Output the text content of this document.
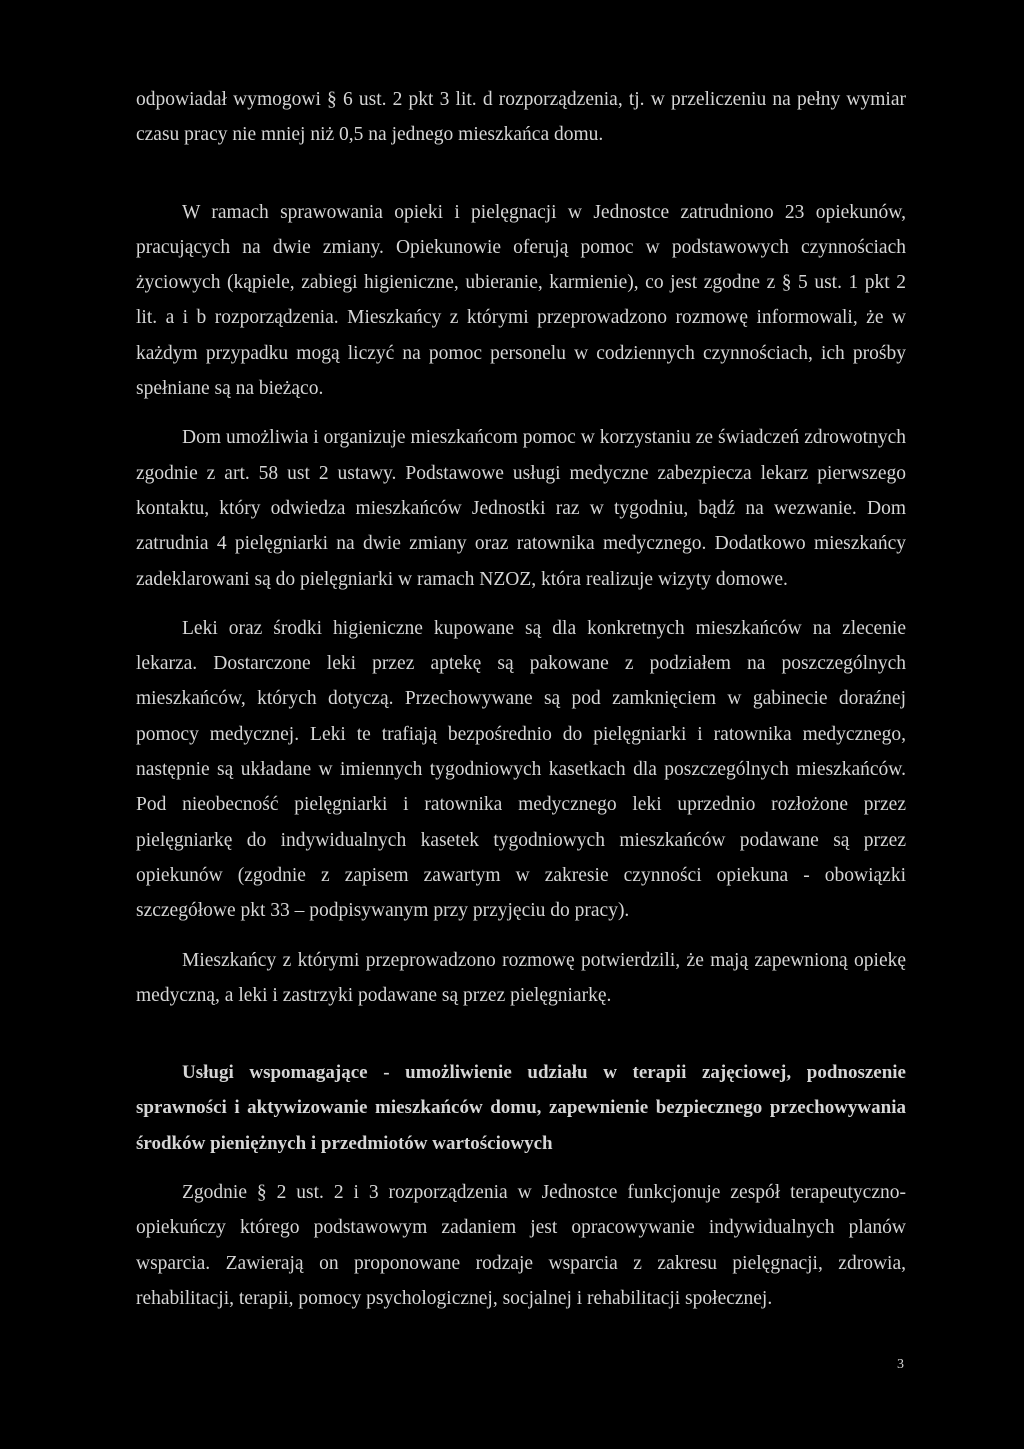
odpowiadał wymogowi § 6 ust. 2 pkt 3 lit. d rozporządzenia, tj. w przeliczeniu na pełny wymiar czasu pracy nie mniej niż 0,5 na jednego mieszkańca domu.

W ramach sprawowania opieki i pielęgnacji w Jednostce zatrudniono 23 opiekunów, pracujących na dwie zmiany. Opiekunowie oferują pomoc w podstawowych czynnościach życiowych (kąpiele, zabiegi higieniczne, ubieranie, karmienie), co jest zgodne z § 5 ust. 1 pkt 2 lit. a i b rozporządzenia. Mieszkańcy z którymi przeprowadzono rozmowę informowali, że w każdym przypadku mogą liczyć na pomoc personelu w codziennych czynnościach, ich prośby spełniane są na bieżąco.

Dom umożliwia i organizuje mieszkańcom pomoc w korzystaniu ze świadczeń zdrowotnych zgodnie z art. 58 ust 2 ustawy. Podstawowe usługi medyczne zabezpiecza lekarz pierwszego kontaktu, który odwiedza mieszkańców Jednostki raz w tygodniu, bądź na wezwanie. Dom zatrudnia 4 pielęgniarki na dwie zmiany oraz ratownika medycznego. Dodatkowo mieszkańcy zadeklarowani są do pielęgniarki w ramach NZOZ, która realizuje wizyty domowe.

Leki oraz środki higieniczne kupowane są dla konkretnych mieszkańców na zlecenie lekarza. Dostarczone leki przez aptekę są pakowane z podziałem na poszczególnych mieszkańców, których dotyczą. Przechowywane są pod zamknięciem w gabinecie doraźnej pomocy medycznej. Leki te trafiają bezpośrednio do pielęgniarki i ratownika medycznego, następnie są układane w imiennych tygodniowych kasetkach dla poszczególnych mieszkańców. Pod nieobecność pielęgniarki i ratownika medycznego leki uprzednio rozłożone przez pielęgniarkę do indywidualnych kasetek tygodniowych mieszkańców podawane są przez opiekunów (zgodnie z zapisem zawartym w zakresie czynności opiekuna - obowiązki szczegółowe pkt 33 – podpisywanym przy przyjęciu do pracy).

Mieszkańcy z którymi przeprowadzono rozmowę potwierdzili, że mają zapewnioną opiekę medyczną, a leki i zastrzyki podawane są przez pielęgniarkę.

Usługi wspomagające - umożliwienie udziału w terapii zajęciowej, podnoszenie sprawności i aktywizowanie mieszkańców domu, zapewnienie bezpiecznego przechowywania środków pieniężnych i przedmiotów wartościowych

Zgodnie § 2 ust. 2 i 3 rozporządzenia w Jednostce funkcjonuje zespół terapeutyczno-opiekuńczy którego podstawowym zadaniem jest opracowywanie indywidualnych planów wsparcia. Zawierają on proponowane rodzaje wsparcia z zakresu pielęgnacji, zdrowia, rehabilitacji, terapii, pomocy psychologicznej, socjalnej i rehabilitacji społecznej.

3
